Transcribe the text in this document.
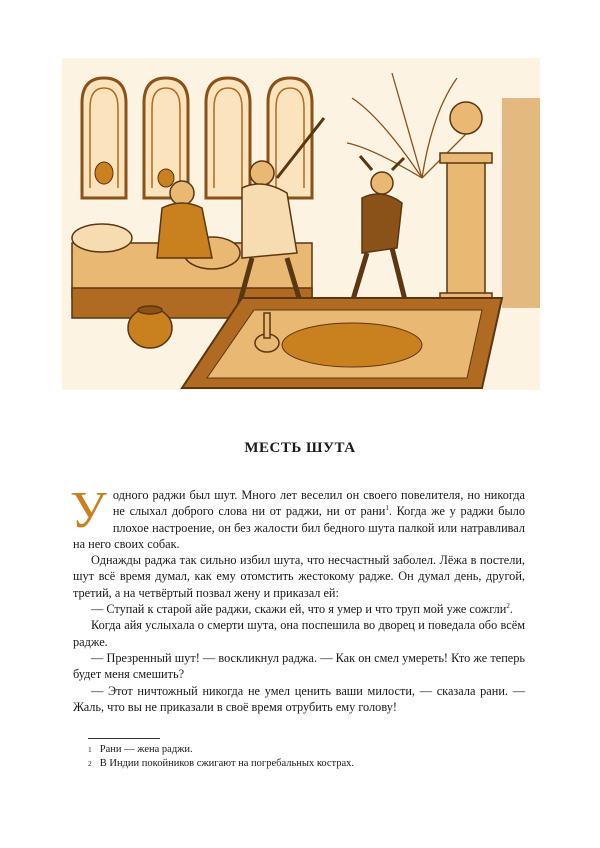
МЕСТЬ ШУТА

У одного раджи был шут. Много лет веселил он своего повелителя, но никогда не слыхал доброго слова ни от раджи, ни от рани$^1$. Когда же у раджи было плохое настроение, он без жалости бил бедного шута палкой или натравливал на него своих собак.

Однажды раджа так сильно избил шута, что несчастный заболел. Лёжа в постели, шут всё время думал, как ему отомстить жестокому радже. Он думал день, другой, третий, а на четвёртый позвал жену и приказал ей:

— Ступай к старой айе раджи, скажи ей, что я умер и что труп мой уже сожгли$^2$.

Когда айя услыхала о смерти шута, она поспешила во дворец и поведала обо всём радже.

— Презренный шут! — воскликнул раджа. — Как он смел умереть! Кто же теперь будет меня смешить?

— Этот ничтожный никогда не умел ценить ваши милости, — сказала рани. — Жаль, что вы не приказали в своё время отрубить ему голову!

1 Рани — жена раджи.
2 В Индии покойников сжигают на погребальных кострах.
